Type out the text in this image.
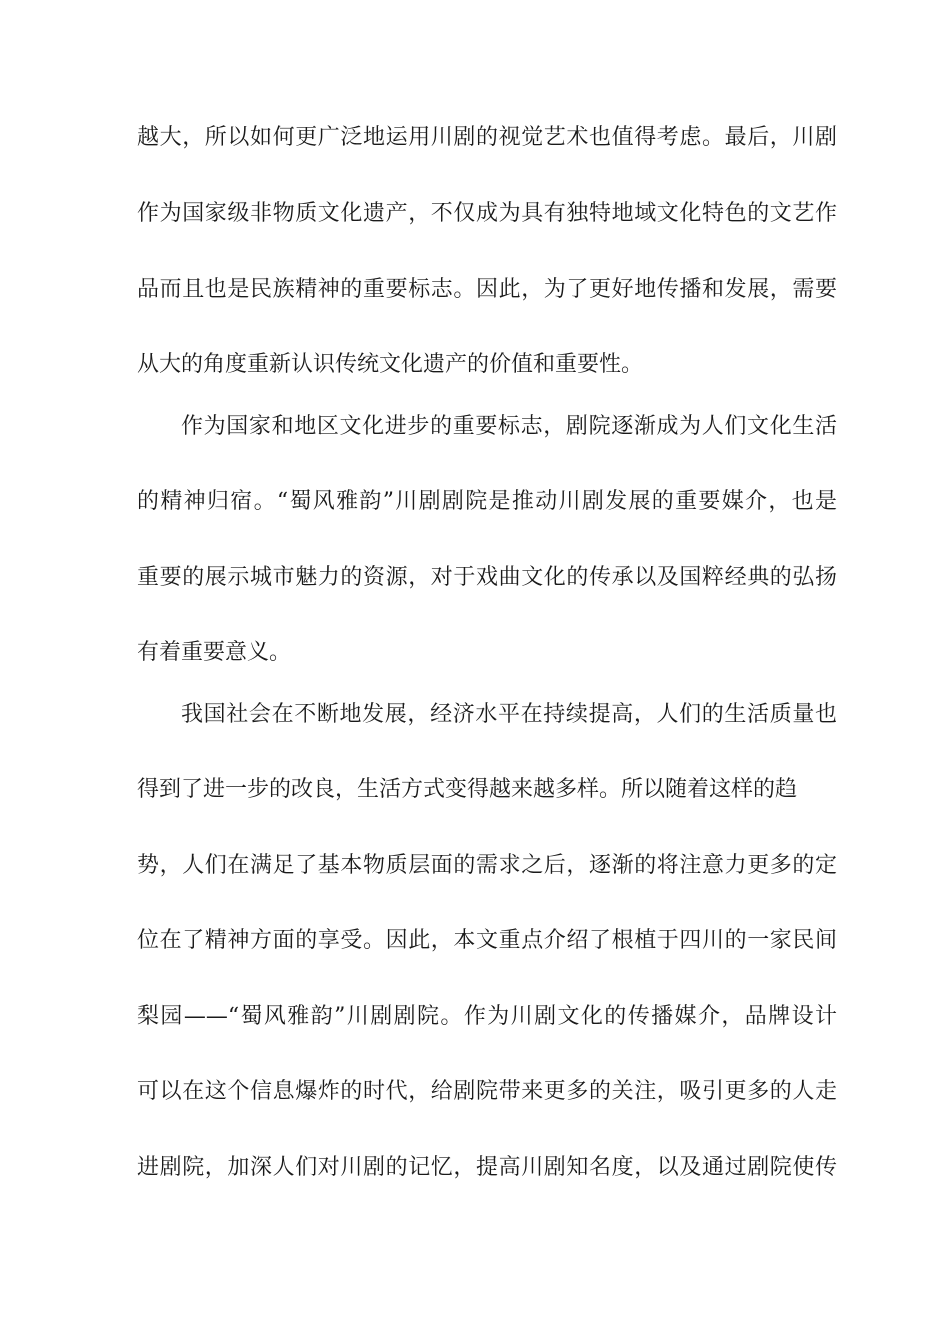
越大，所以如何更广泛地运用川剧的视觉艺术也值得考虑。最后，川剧
作为国家级非物质文化遗产，不仅成为具有独特地域文化特色的文艺作
品而且也是民族精神的重要标志。因此，为了更好地传播和发展，需要
从大的角度重新认识传统文化遗产的价值和重要性。
作为国家和地区文化进步的重要标志，剧院逐渐成为人们文化生活
的精神归宿。“蜀风雅韵”川剧剧院是推动川剧发展的重要媒介，也是
重要的展示城市魅力的资源，对于戏曲文化的传承以及国粹经典的弘扬
有着重要意义。
我国社会在不断地发展，经济水平在持续提高，人们的生活质量也
得到了进一步的改良，生活方式变得越来越多样。所以随着这样的趋
势，人们在满足了基本物质层面的需求之后，逐渐的将注意力更多的定
位在了精神方面的享受。因此，本文重点介绍了根植于四川的一家民间
梨园——“蜀风雅韵”川剧剧院。作为川剧文化的传播媒介，品牌设计
可以在这个信息爆炸的时代，给剧院带来更多的关注，吸引更多的人走
进剧院，加深人们对川剧的记忆，提高川剧知名度，以及通过剧院使传
